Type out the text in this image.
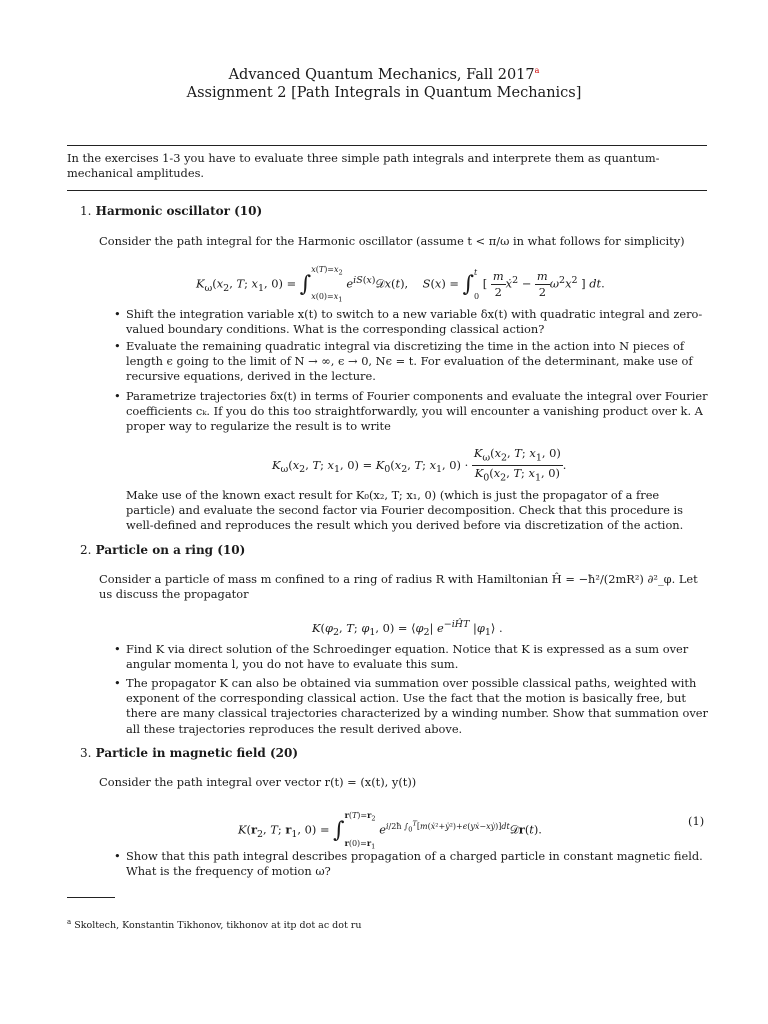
Advanced Quantum Mechanics, Fall 2017$^a$
Assignment 2 [Path Integrals in Quantum Mechanics]
In the exercises 1-3 you have to evaluate three simple path integrals and interprete them as quantum-mechanical amplitudes.
1. Harmonic oscillator (10)
Consider the path integral for the Harmonic oscillator (assume t < π/ω in what follows for simplicity)
$K_\omega(x_2$, T; $x_1$, 0) = ∫
$x(T)=x_2$
$x(0)=x_1$
$e^{iS(x)}𝒟x(t)$,    S(x) = ∫ t
0
[ $\frac{m}{2}$ ẋ$^2$ − $\frac{m}{2} \omega^2x^2$ ] dt.
• Shift the integration variable x(t) to switch to a new variable δx(t) with quadratic integral and zero-valued boundary conditions. What is the corresponding classical action?
• Evaluate the remaining quadratic integral via discretizing the time in the action into N pieces of length ϵ going to the limit of N → ∞, ϵ → 0, Nϵ = t. For evaluation of the determinant, make use of recursive equations, derived in the lecture.
• Parametrize trajectories δx(t) in terms of Fourier components and evaluate the integral over Fourier coefficients cₖ. If you do this too straightforwardly, you will encounter a vanishing product over k. A proper way to regularize the result is to write
$K_\omega(x_2$, T; $x_1$, $0) = K_0(x_2$, T; $x_1$, $0) \cdot \frac{K_\omega(x_2, T; x_1, 0)}{K_0(x_2, T; x_1, 0)}$ .
Make use of the known exact result for K₀(x₂, T; x₁, 0) (which is just the propagator of a free particle) and evaluate the second factor via Fourier decomposition. Check that this procedure is well-defined and reproduces the result which you derived before via discretization of the action.
2. Particle on a ring (10)
Consider a particle of mass m confined to a ring of radius R with Hamiltonian Ĥ = −ħ²/(2mR²) ∂²_φ. Let us discuss the propagator
$K(\varphi_2$, T; $\varphi_1$, $0) = ⟨\varphi_2|$ $e^{-iĤT}$ $|\varphi_1⟩$ .
• Find K via direct solution of the Schroedinger equation. Notice that K is expressed as a sum over angular momenta l, you do not have to evaluate this sum.
• The propagator K can also be obtained via summation over possible classical paths, weighted with exponent of the corresponding classical action. Use the fact that the motion is basically free, but there are many classical trajectories characterized by a winding number. Show that summation over all these trajectories reproduces the result derived above.
3. Particle in magnetic field (20)
Consider the path integral over vector r(t) = (x(t), y(t))
$K(r_2$, T; $r_1$, 0) = ∫
$r(T)=r_2$
$r(0)=r_1$
$e^{i/2ħ \int_0^T[m(ẋ^2+ẏ^2)+\epsilon(yẋ-xẏ)]dt}𝒟r(t)$.
(1)
• Show that this path integral describes propagation of a charged particle in constant magnetic field. What is the frequency of motion ω?
$^a$ Skoltech, Konstantin Tikhonov, tikhonov at itp dot ac dot ru
